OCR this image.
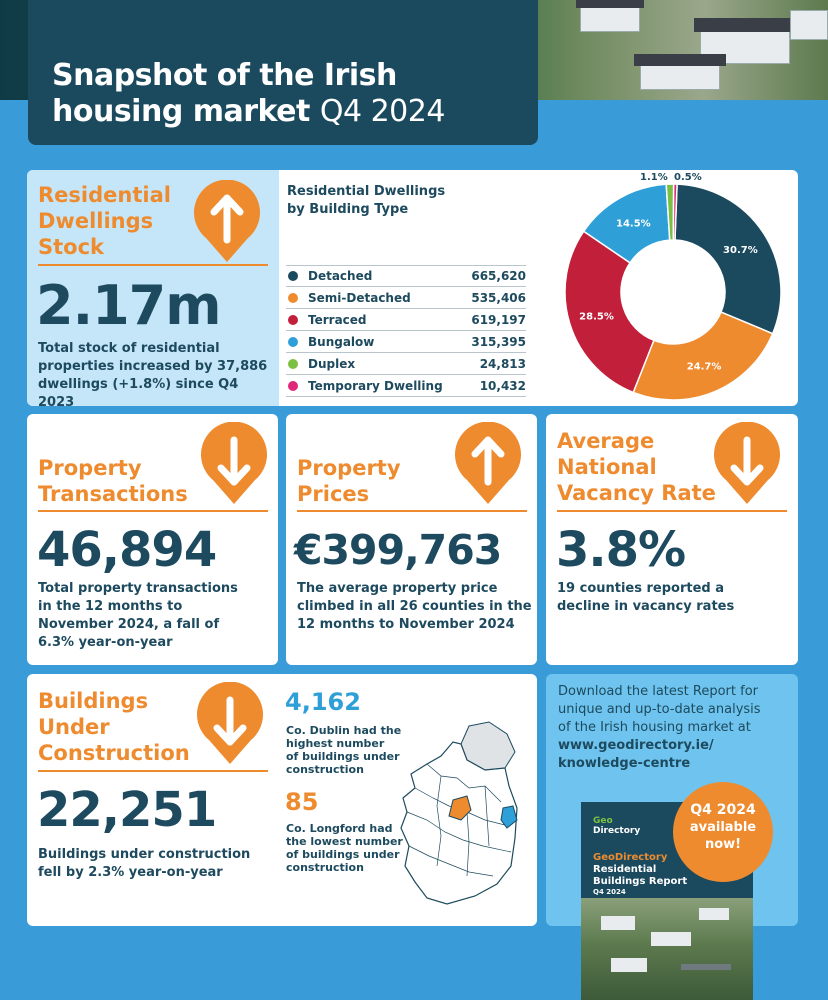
Snapshot of the Irish
housing market Q4 2024
Residential
Dwellings
Stock
2.17m
Total stock of residential
properties increased by 37,886
dwellings (+1.8%) since Q4 2023
Residential Dwellings
by Building Type
Detached	665,620
Semi-Detached	535,406
Terraced	619,197
Bungalow	315,395
Duplex	24,813
Temporary Dwelling	10,432
30.7%
24.7%
28.5%
14.5%
1.1% 0.5%
Property
Transactions
46,894
Total property transactions
in the 12 months to
November 2024, a fall of
6.3% year-on-year
Property
Prices
€399,763
The average property price
climbed in all 26 counties in the
12 months to November 2024
Average
National
Vacancy Rate
3.8%
19 counties reported a
decline in vacancy rates
Buildings
Under
Construction
22,251
Buildings under construction
fell by 2.3% year-on-year
4,162
Co. Dublin had the
highest number
of buildings under
construction
85
Co. Longford had
the lowest number
of buildings under
construction
Download the latest Report for
unique and up-to-date analysis
of the Irish housing market at
www.geodirectory.ie/
knowledge-centre
Geo
Directory
GeoDirectory
Residential
Buildings Report
Q4 2024
Q4 2024
available
now!
